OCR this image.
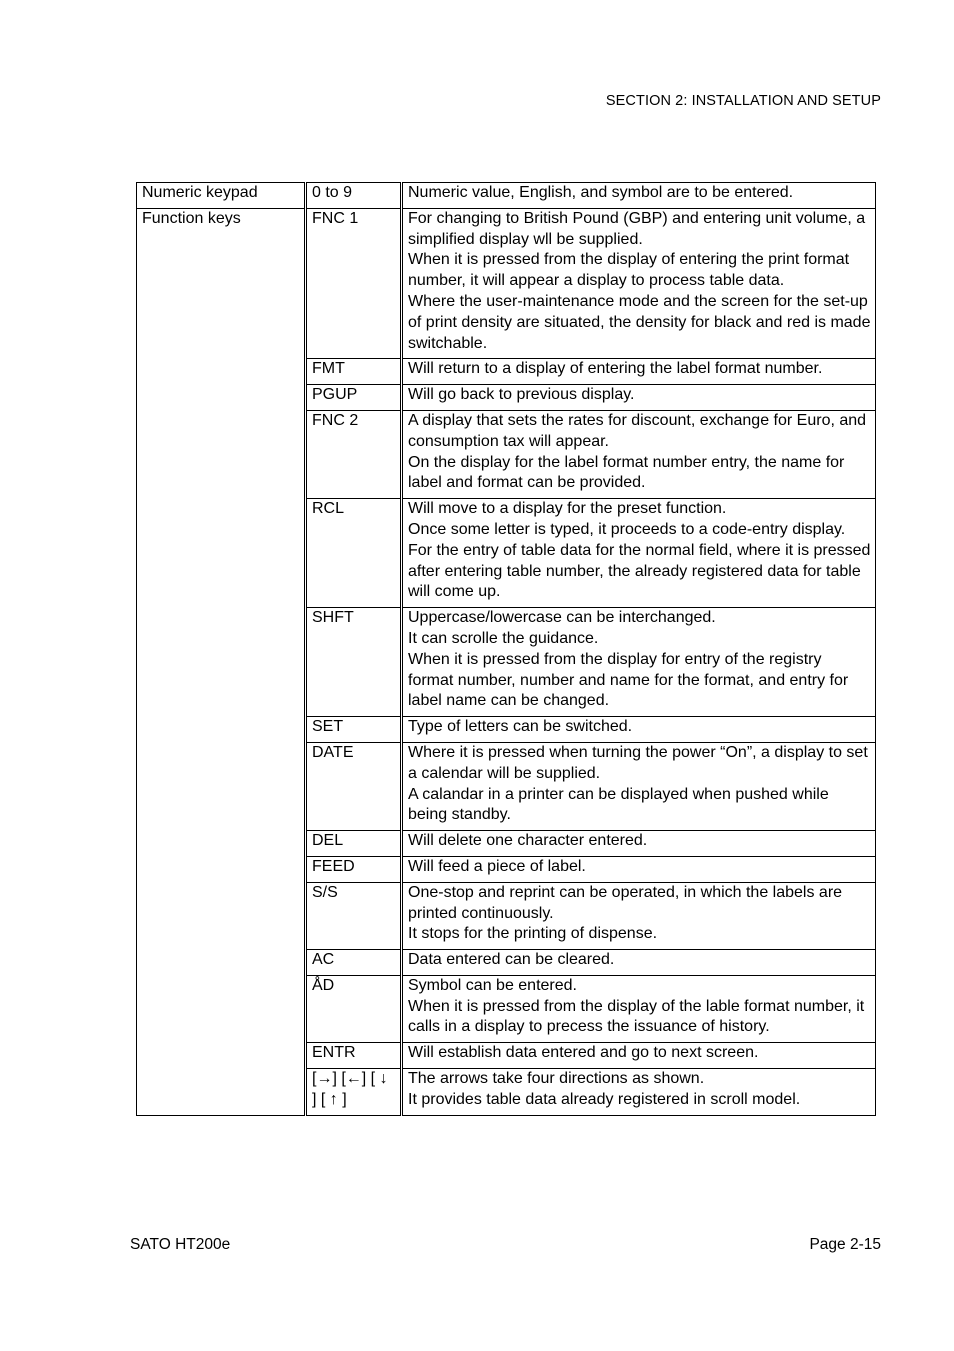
SECTION 2: INSTALLATION AND SETUP
Numeric keypad	0 to 9	Numeric value, English, and symbol are to be entered.

Function keys	FNC 1	For changing to British Pound (GBP) and entering unit volume, a simplified display wll be supplied.
When it is pressed from the display of entering the print format number, it will appear a display to process table data.
Where the user-maintenance mode and the screen for the set-up of print density are situated, the density for black and red is made switchable.

	FMT	Will return to a display of entering the label format number.

	PGUP	Will go back to previous display.

	FNC 2	A display that sets the rates for discount, exchange for Euro, and consumption tax will appear.
On the display for the label format number entry, the name for label and format can be provided.

	RCL	Will move to a display for the preset function.
Once some letter is typed, it proceeds to a code-entry display.
For the entry of table data for the normal field, where it is pressed after entering table number, the already registered data for table will come up.

	SHFT	Uppercase/lowercase can be interchanged.
It can scrolle the guidance.
When it is pressed from the display for entry of the registry format number, number and name for the format, and entry for label name can be changed.

	SET	Type of letters can be switched.

	DATE	Where it is pressed when turning the power “On”, a display to set a calendar will be supplied.
A calandar in a printer can be displayed when pushed while being standby.

	DEL	Will delete one character entered.

	FEED	Will feed a piece of label.

	S/S	One-stop and reprint can be operated, in which the labels are printed continuously.
It stops for the printing of dispense.

	AC	Data entered can be cleared.

	ÅD	Symbol can be entered.
When it is pressed from the display of the lable format number, it calls in a display to precess the issuance of history.

	ENTR	Will establish data entered and go to next screen.

	[→] [←] [ ↓ ] [ ↑ ]	The arrows take four directions as shown.
It provides table data already registered in scroll model.
SATO HT200e	Page 2-15
